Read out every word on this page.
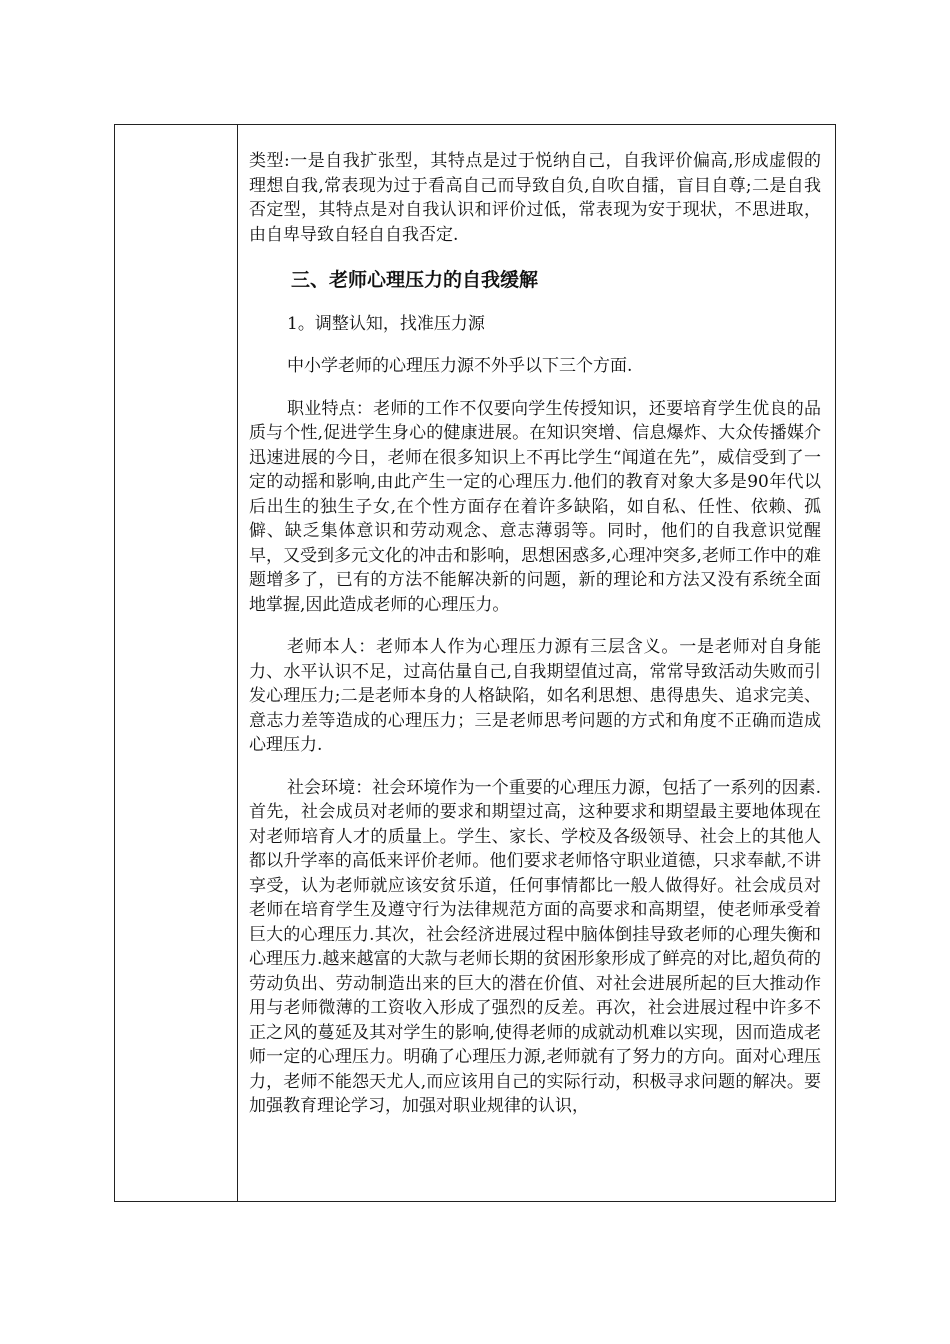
类型:一是自我扩张型，其特点是过于悦纳自己，自我评价偏高,形成虚假的理想自我,常表现为过于看高自己而导致自负,自吹自擂，盲目自尊;二是自我否定型，其特点是对自我认识和评价过低，常表现为安于现状，不思进取，由自卑导致自轻自自我否定.

三、老师心理压力的自我缓解

1。调整认知，找准压力源

中小学老师的心理压力源不外乎以下三个方面.

职业特点：老师的工作不仅要向学生传授知识，还要培育学生优良的品质与个性,促进学生身心的健康进展。在知识突增、信息爆炸、大众传播媒介迅速进展的今日，老师在很多知识上不再比学生“闻道在先”，威信受到了一定的动摇和影响,由此产生一定的心理压力.他们的教育对象大多是90年代以后出生的独生子女,在个性方面存在着许多缺陷，如自私、任性、依赖、孤僻、缺乏集体意识和劳动观念、意志薄弱等。同时，他们的自我意识觉醒早，又受到多元文化的冲击和影响，思想困惑多,心理冲突多,老师工作中的难题增多了，已有的方法不能解决新的问题，新的理论和方法又没有系统全面地掌握,因此造成老师的心理压力。

老师本人：老师本人作为心理压力源有三层含义。一是老师对自身能力、水平认识不足，过高估量自己,自我期望值过高，常常导致活动失败而引发心理压力;二是老师本身的人格缺陷，如名利思想、患得患失、追求完美、意志力差等造成的心理压力；三是老师思考问题的方式和角度不正确而造成心理压力.

社会环境：社会环境作为一个重要的心理压力源，包括了一系列的因素.首先，社会成员对老师的要求和期望过高，这种要求和期望最主要地体现在对老师培育人才的质量上。学生、家长、学校及各级领导、社会上的其他人都以升学率的高低来评价老师。他们要求老师恪守职业道德，只求奉献,不讲享受，认为老师就应该安贫乐道，任何事情都比一般人做得好。社会成员对老师在培育学生及遵守行为法律规范方面的高要求和高期望，使老师承受着巨大的心理压力.其次，社会经济进展过程中脑体倒挂导致老师的心理失衡和心理压力.越来越富的大款与老师长期的贫困形象形成了鲜亮的对比,超负荷的劳动负出、劳动制造出来的巨大的潜在价值、对社会进展所起的巨大推动作用与老师微薄的工资收入形成了强烈的反差。再次，社会进展过程中许多不正之风的蔓延及其对学生的影响,使得老师的成就动机难以实现，因而造成老师一定的心理压力。明确了心理压力源,老师就有了努力的方向。面对心理压力，老师不能怨天尤人,而应该用自己的实际行动，积极寻求问题的解决。要加强教育理论学习，加强对职业规律的认识，
